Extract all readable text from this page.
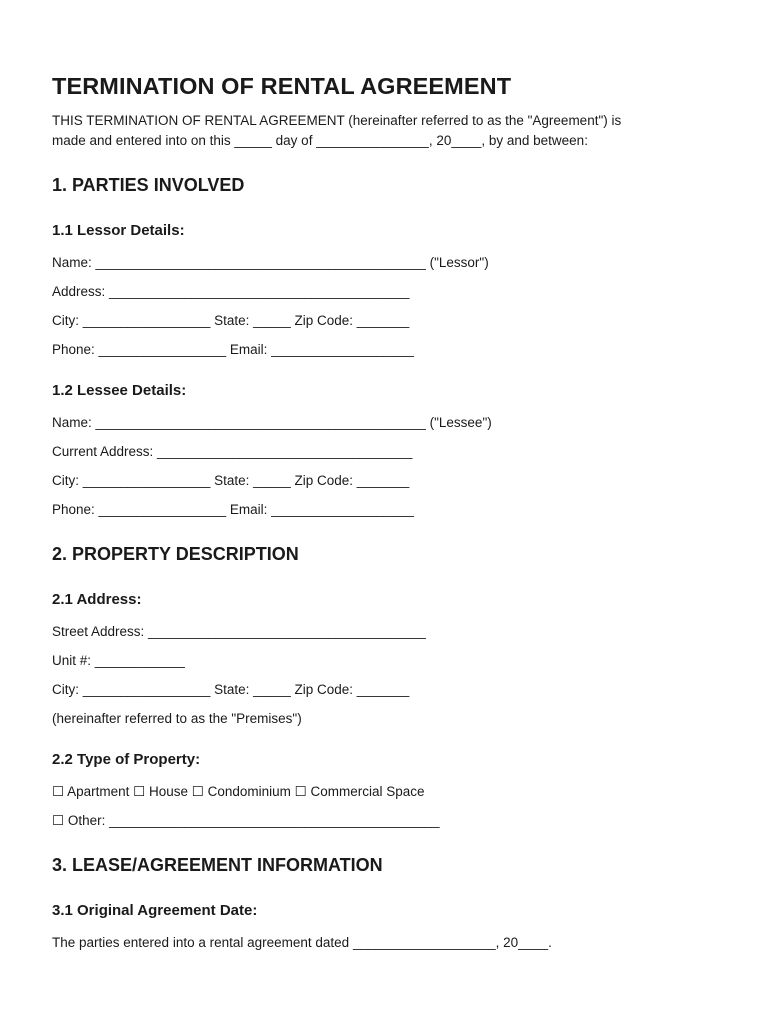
TERMINATION OF RENTAL AGREEMENT
THIS TERMINATION OF RENTAL AGREEMENT (hereinafter referred to as the "Agreement") is
made and entered into on this _____ day of _______________, 20____, by and between:
1. PARTIES INVOLVED
1.1 Lessor Details:
Name: ____________________________________________ ("Lessor")
Address: ________________________________________
City: _________________ State: _____ Zip Code: _______
Phone: _________________ Email: ___________________
1.2 Lessee Details:
Name: ____________________________________________ ("Lessee")
Current Address: __________________________________
City: _________________ State: _____ Zip Code: _______
Phone: _________________ Email: ___________________
2. PROPERTY DESCRIPTION
2.1 Address:
Street Address: _____________________________________
Unit #: ____________
City: _________________ State: _____ Zip Code: _______
(hereinafter referred to as the "Premises")
2.2 Type of Property:
☐ Apartment ☐ House ☐ Condominium ☐ Commercial Space
☐ Other: ____________________________________________
3. LEASE/AGREEMENT INFORMATION
3.1 Original Agreement Date:
The parties entered into a rental agreement dated ___________________, 20____.
